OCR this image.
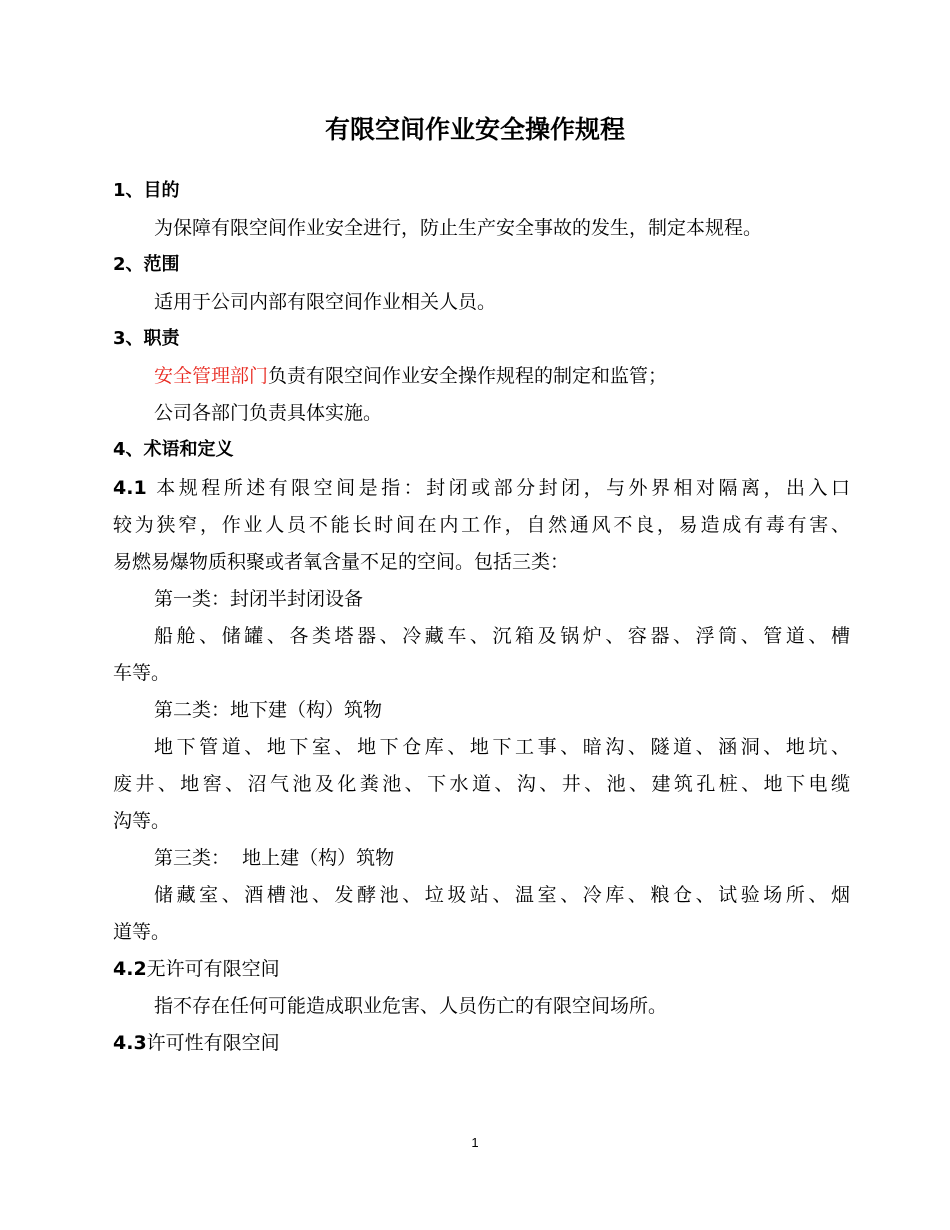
有限空间作业安全操作规程
1、目的
为保障有限空间作业安全进行，防止生产安全事故的发生，制定本规程。
2、范围
适用于公司内部有限空间作业相关人员。
3、职责
安全管理部门负责有限空间作业安全操作规程的制定和监管；
公司各部门负责具体实施。
4、术语和定义
4.1 本规程所述有限空间是指：封闭或部分封闭，与外界相对隔离，出入口
较为狭窄，作业人员不能长时间在内工作，自然通风不良，易造成有毒有害、
易燃易爆物质积聚或者氧含量不足的空间。包括三类：
第一类：封闭半封闭设备
船舱、储罐、各类塔器、冷藏车、沉箱及锅炉、容器、浮筒、管道、槽
车等。
第二类：地下建（构）筑物
地下管道、地下室、地下仓库、地下工事、暗沟、隧道、涵洞、地坑、
废井、地窖、沼气池及化粪池、下水道、沟、井、池、建筑孔桩、地下电缆
沟等。
第三类：  地上建（构）筑物
储藏室、酒槽池、发酵池、垃圾站、温室、冷库、粮仓、试验场所、烟
道等。
4.2无许可有限空间
指不存在任何可能造成职业危害、人员伤亡的有限空间场所。
4.3许可性有限空间
1
